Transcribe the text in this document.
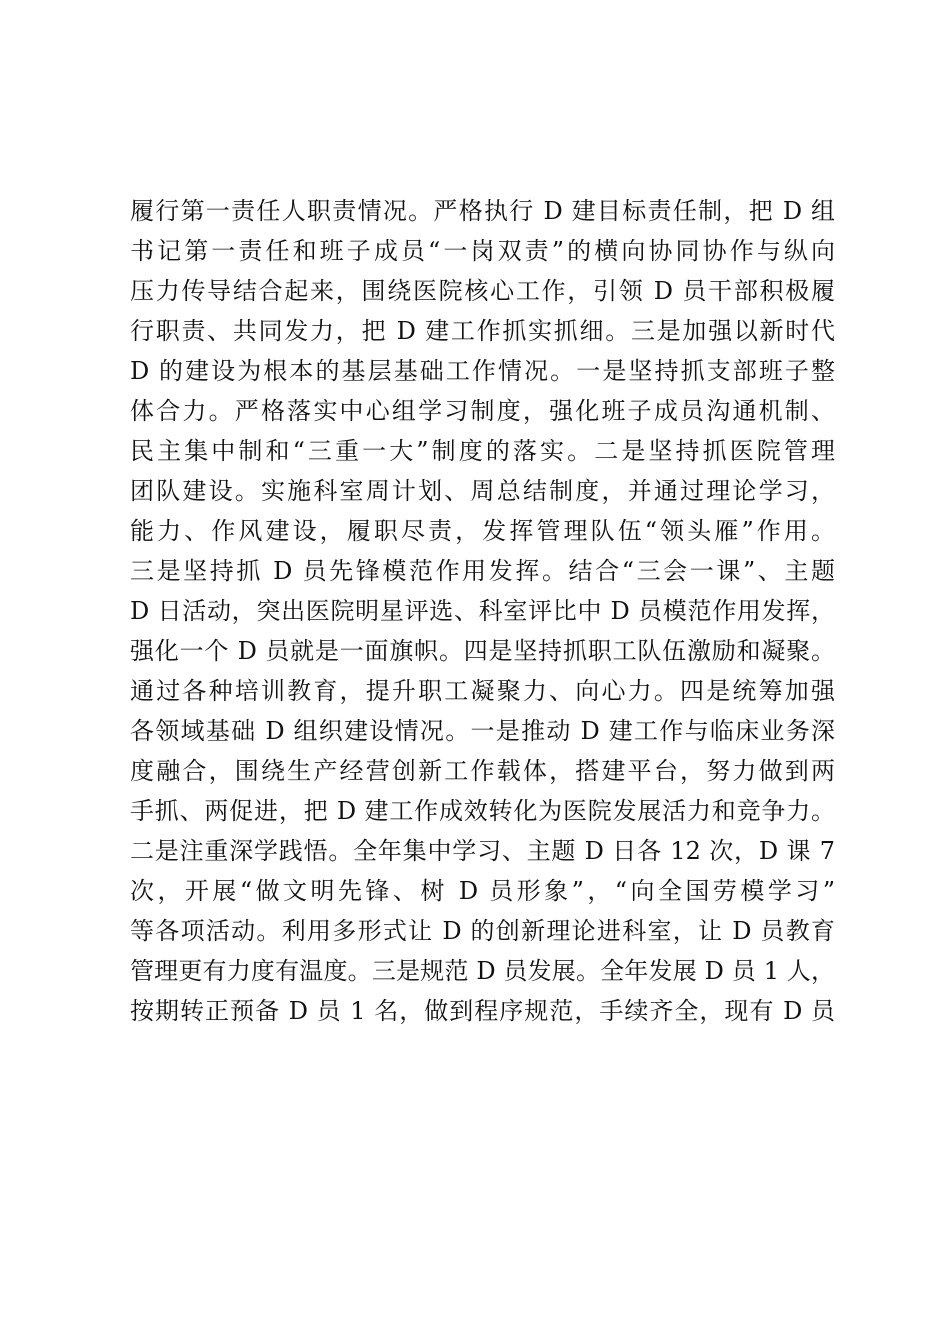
履行第一责任人职责情况。严格执行 D 建目标责任制，把 D 组
书记第一责任和班子成员“一岗双责”的横向协同协作与纵向
压力传导结合起来，围绕医院核心工作，引领 D 员干部积极履
行职责、共同发力，把 D 建工作抓实抓细。三是加强以新时代
D 的建设为根本的基层基础工作情况。一是坚持抓支部班子整
体合力。严格落实中心组学习制度，强化班子成员沟通机制、
民主集中制和“三重一大”制度的落实。二是坚持抓医院管理
团队建设。实施科室周计划、周总结制度，并通过理论学习，
能力、作风建设，履职尽责，发挥管理队伍“领头雁”作用。
三是坚持抓 D 员先锋模范作用发挥。结合“三会一课”、主题
D 日活动，突出医院明星评选、科室评比中 D 员模范作用发挥，
强化一个 D 员就是一面旗帜。四是坚持抓职工队伍激励和凝聚。
通过各种培训教育，提升职工凝聚力、向心力。四是统筹加强
各领域基础 D 组织建设情况。一是推动 D 建工作与临床业务深
度融合，围绕生产经营创新工作载体，搭建平台，努力做到两
手抓、两促进，把 D 建工作成效转化为医院发展活力和竞争力。
二是注重深学践悟。全年集中学习、主题 D 日各 12 次，D 课 7
次，开展“做文明先锋、树 D 员形象”，“向全国劳模学习”
等各项活动。利用多形式让 D 的创新理论进科室，让 D 员教育
管理更有力度有温度。三是规范 D 员发展。全年发展 D 员 1 人，
按期转正预备 D 员 1 名，做到程序规范，手续齐全，现有 D 员
